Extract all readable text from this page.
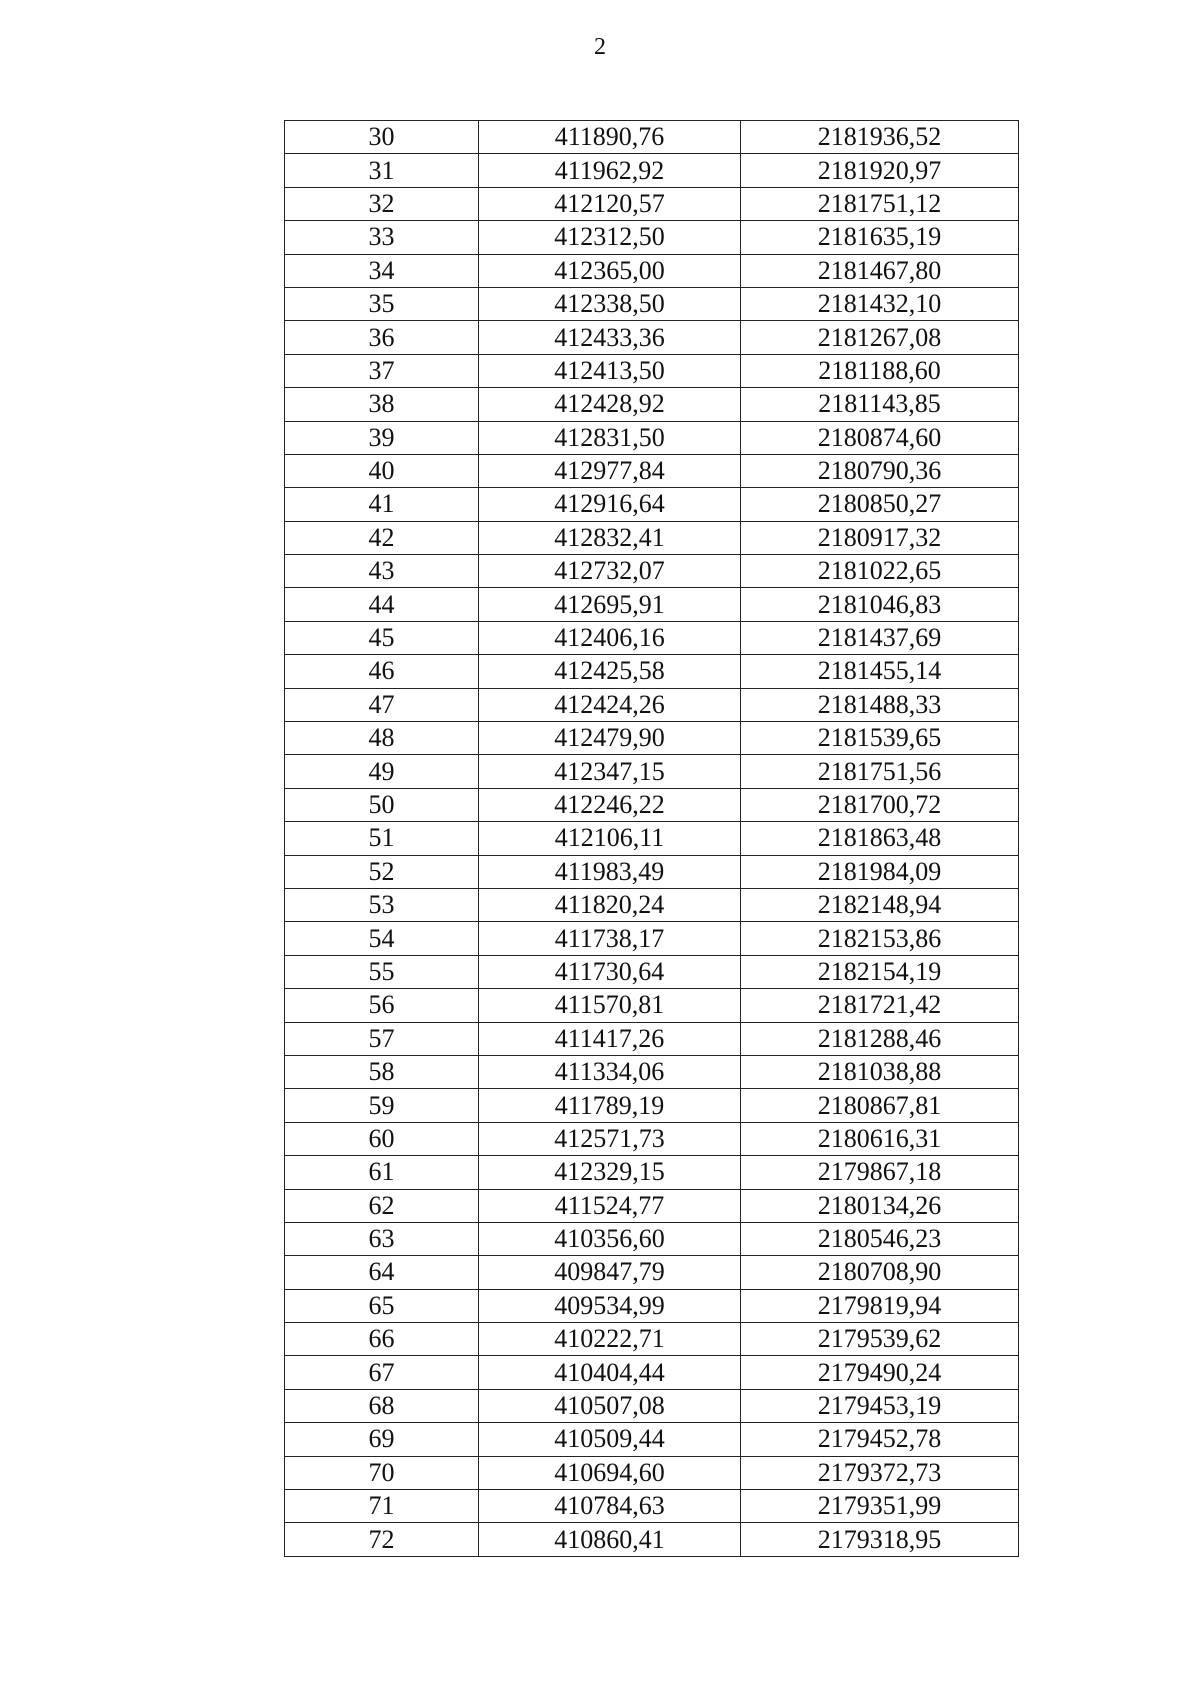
2
30	411890,76	2181936,52
31	411962,92	2181920,97
32	412120,57	2181751,12
33	412312,50	2181635,19
34	412365,00	2181467,80
35	412338,50	2181432,10
36	412433,36	2181267,08
37	412413,50	2181188,60
38	412428,92	2181143,85
39	412831,50	2180874,60
40	412977,84	2180790,36
41	412916,64	2180850,27
42	412832,41	2180917,32
43	412732,07	2181022,65
44	412695,91	2181046,83
45	412406,16	2181437,69
46	412425,58	2181455,14
47	412424,26	2181488,33
48	412479,90	2181539,65
49	412347,15	2181751,56
50	412246,22	2181700,72
51	412106,11	2181863,48
52	411983,49	2181984,09
53	411820,24	2182148,94
54	411738,17	2182153,86
55	411730,64	2182154,19
56	411570,81	2181721,42
57	411417,26	2181288,46
58	411334,06	2181038,88
59	411789,19	2180867,81
60	412571,73	2180616,31
61	412329,15	2179867,18
62	411524,77	2180134,26
63	410356,60	2180546,23
64	409847,79	2180708,90
65	409534,99	2179819,94
66	410222,71	2179539,62
67	410404,44	2179490,24
68	410507,08	2179453,19
69	410509,44	2179452,78
70	410694,60	2179372,73
71	410784,63	2179351,99
72	410860,41	2179318,95
